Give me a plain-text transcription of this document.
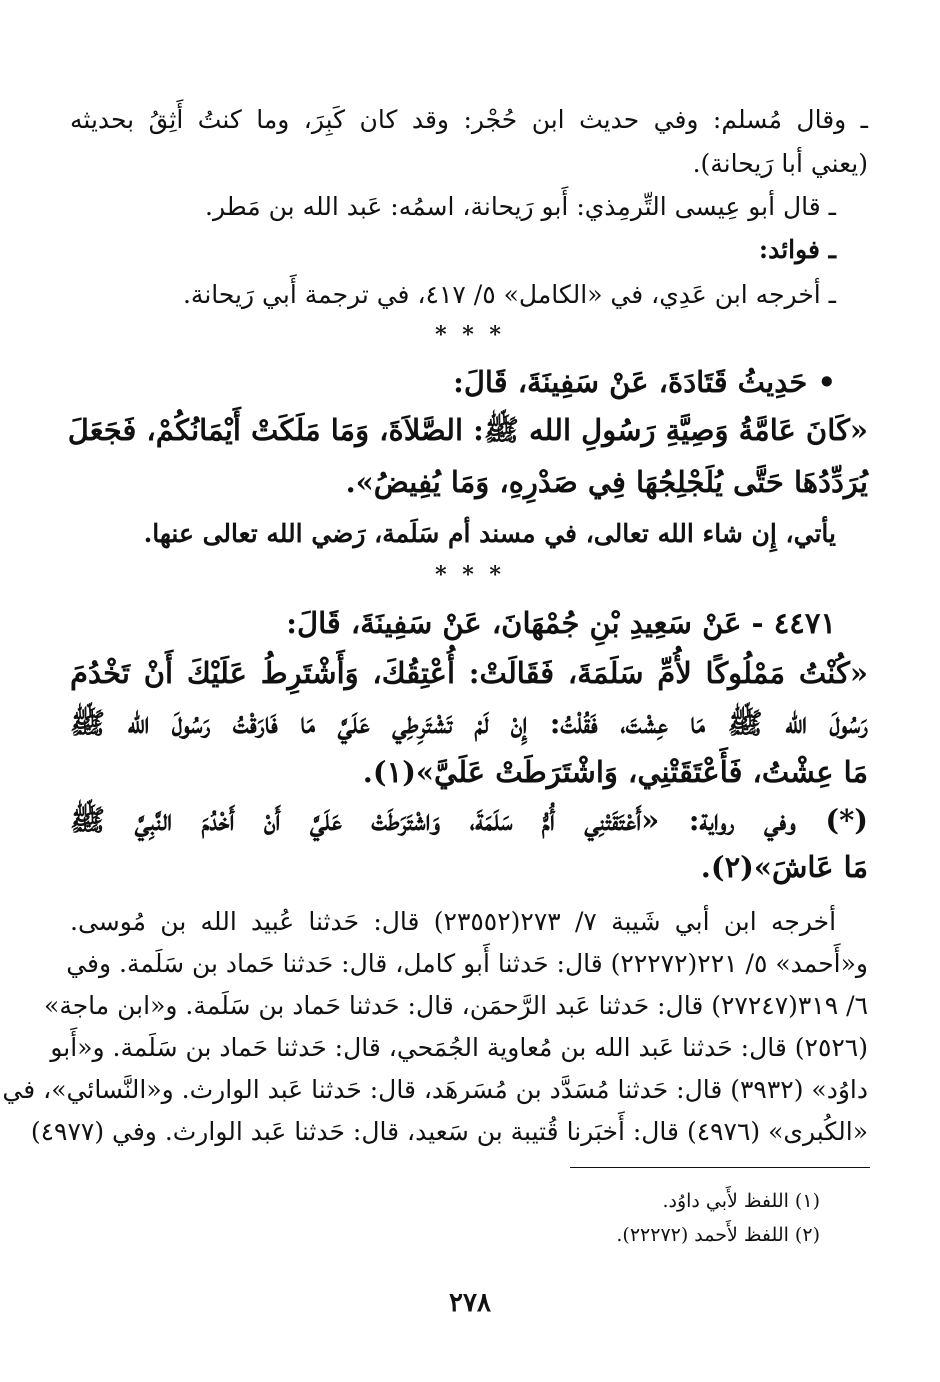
ـ وقال مُسلم: وفي حديث ابن حُجْر: وقد كان كَبِرَ، وما كنتُ أَثِقُ بحديثه
(يعني أبا رَيحانة).
ـ قال أبو عِيسى التِّرمِذي: أَبو رَيحانة، اسمُه: عَبد الله بن مَطر.
ـ فوائد:
ـ أخرجه ابن عَدِي، في «الكامل» ٥/ ٤١٧، في ترجمة أَبي رَيحانة.
* * *
• حَدِيثُ قَتَادَةَ، عَنْ سَفِينَةَ، قَالَ:
«كَانَ عَامَّةُ وَصِيَّةِ رَسُولِ الله ﷺ: الصَّلاَةَ، وَمَا مَلَكَتْ أَيْمَانُكُمْ، فَجَعَلَ
يُرَدِّدُهَا حَتَّى يُلَجْلِجُهَا فِي صَدْرِهِ، وَمَا يُفِيضُ».
يأتي، إِن شاء الله تعالى، في مسند أم سَلَمة، رَضي الله تعالى عنها.
* * *
٤٤٧١ - عَنْ سَعِيدِ بْنِ جُمْهَانَ، عَنْ سَفِينَةَ، قَالَ:
«كُنْتُ مَمْلُوكًا لأُمِّ سَلَمَةَ، فَقَالَتْ: أُعْتِقُكَ، وَأَشْتَرِطُ عَلَيْكَ أَنْ تَخْدُمَ
رَسُولَ الله ﷺ مَا عِشْتَ، فَقُلْتُ: إِنْ لَمْ تَشْتَرِطِي عَلَيَّ مَا فَارَقْتُ رَسُولَ الله ﷺ
مَا عِشْتُ، فَأَعْتَقَتْنِي، وَاشْتَرَطَتْ عَلَيَّ»(١).
(*) وفي رواية: «أَعْتَقَتْنِي أُمُّ سَلَمَةَ، وَاشْتَرَطَتْ عَلَيَّ أَنْ أَخْدُمَ النَّبِيَّ ﷺ
مَا عَاشَ»(٢).
أخرجه ابن أبي شَيبة ٧/ ٢٧٣(٢٣٥٥٢) قال: حَدثنا عُبيد الله بن مُوسى.
و«أَحمد» ٥/ ٢٢١(٢٢٢٧٢) قال: حَدثنا أَبو كامل، قال: حَدثنا حَماد بن سَلَمة. وفي
٦/ ٣١٩(٢٧٢٤٧) قال: حَدثنا عَبد الرَّحمَن، قال: حَدثنا حَماد بن سَلَمة. و«ابن ماجة»
(٢٥٢٦) قال: حَدثنا عَبد الله بن مُعاوية الجُمَحي، قال: حَدثنا حَماد بن سَلَمة. و«أَبو
داوُد» (٣٩٣٢) قال: حَدثنا مُسَدَّد بن مُسَرهَد، قال: حَدثنا عَبد الوارث. و«النَّسائي»، في
«الكُبرى» (٤٩٧٦) قال: أَخبَرنا قُتيبة بن سَعيد، قال: حَدثنا عَبد الوارث. وفي (٤٩٧٧)
(١) اللفظ لأَبي داوُد.
(٢) اللفظ لأَحمد (٢٢٢٧٢).
٢٧٨
